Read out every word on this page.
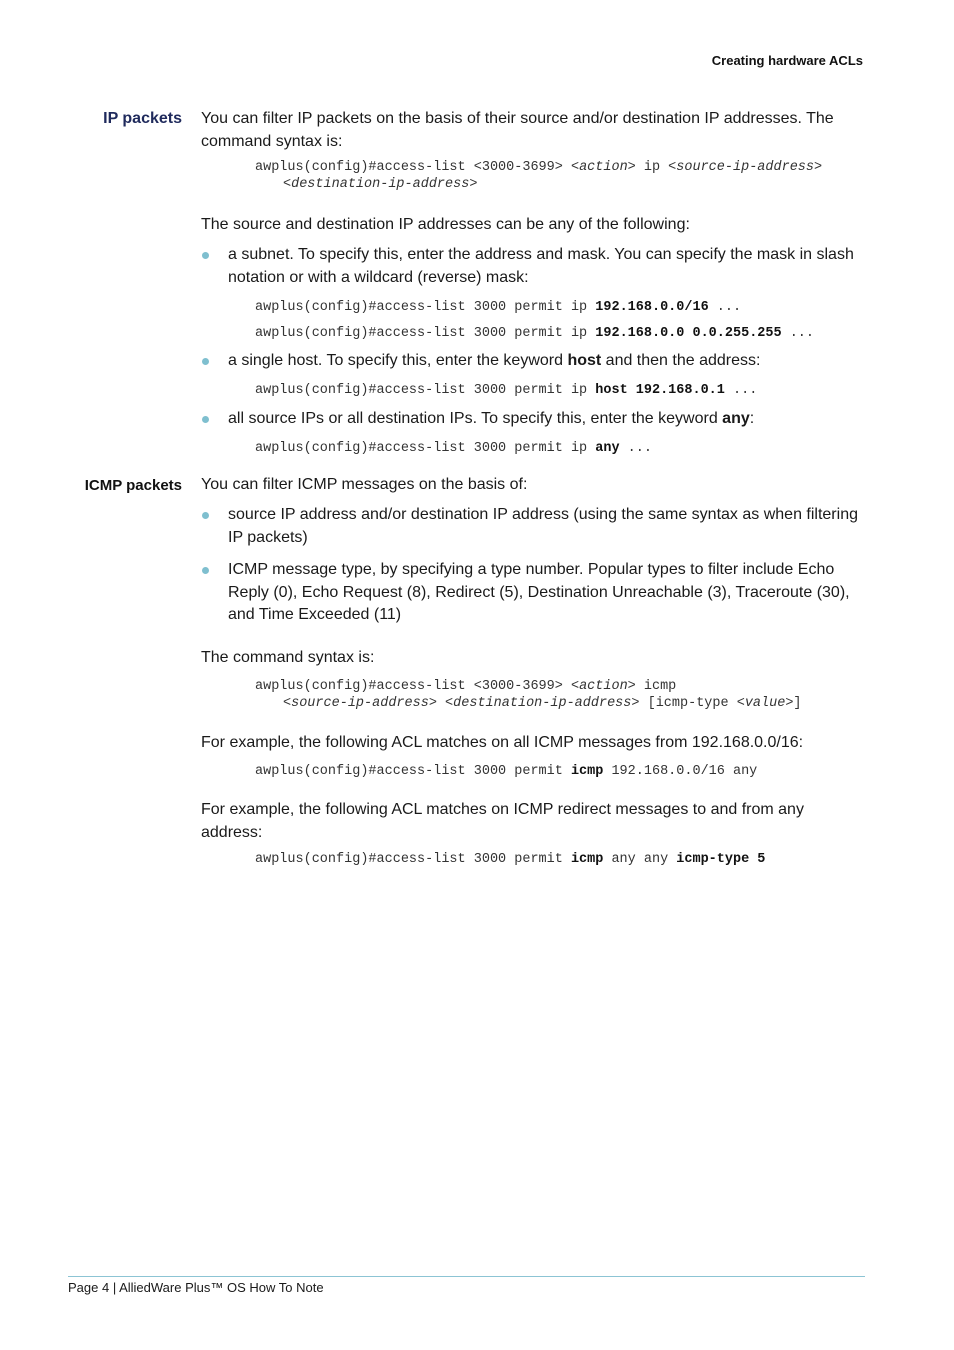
Creating hardware ACLs
IP packets You can filter IP packets on the basis of their source and/or destination IP addresses. The command syntax is:
awplus(config)#access-list <3000-3699> <action> ip <source-ip-address>
<destination-ip-address>
The source and destination IP addresses can be any of the following:
a subnet. To specify this, enter the address and mask. You can specify the mask in slash notation or with a wildcard (reverse) mask:
awplus(config)#access-list 3000 permit ip 192.168.0.0/16 ...
awplus(config)#access-list 3000 permit ip 192.168.0.0 0.0.255.255 ...
a single host. To specify this, enter the keyword host and then the address:
awplus(config)#access-list 3000 permit ip host 192.168.0.1 ...
all source IPs or all destination IPs. To specify this, enter the keyword any:
awplus(config)#access-list 3000 permit ip any ...
ICMP packets You can filter ICMP messages on the basis of:
source IP address and/or destination IP address (using the same syntax as when filtering IP packets)
ICMP message type, by specifying a type number. Popular types to filter include Echo Reply (0), Echo Request (8), Redirect (5), Destination Unreachable (3), Traceroute (30), and Time Exceeded (11)
The command syntax is:
awplus(config)#access-list <3000-3699> <action> icmp
<source-ip-address> <destination-ip-address> [icmp-type <value>]
For example, the following ACL matches on all ICMP messages from 192.168.0.0/16:
awplus(config)#access-list 3000 permit icmp 192.168.0.0/16 any
For example, the following ACL matches on ICMP redirect messages to and from any address:
awplus(config)#access-list 3000 permit icmp any any icmp-type 5
Page 4 | AlliedWare Plus™ OS How To Note
